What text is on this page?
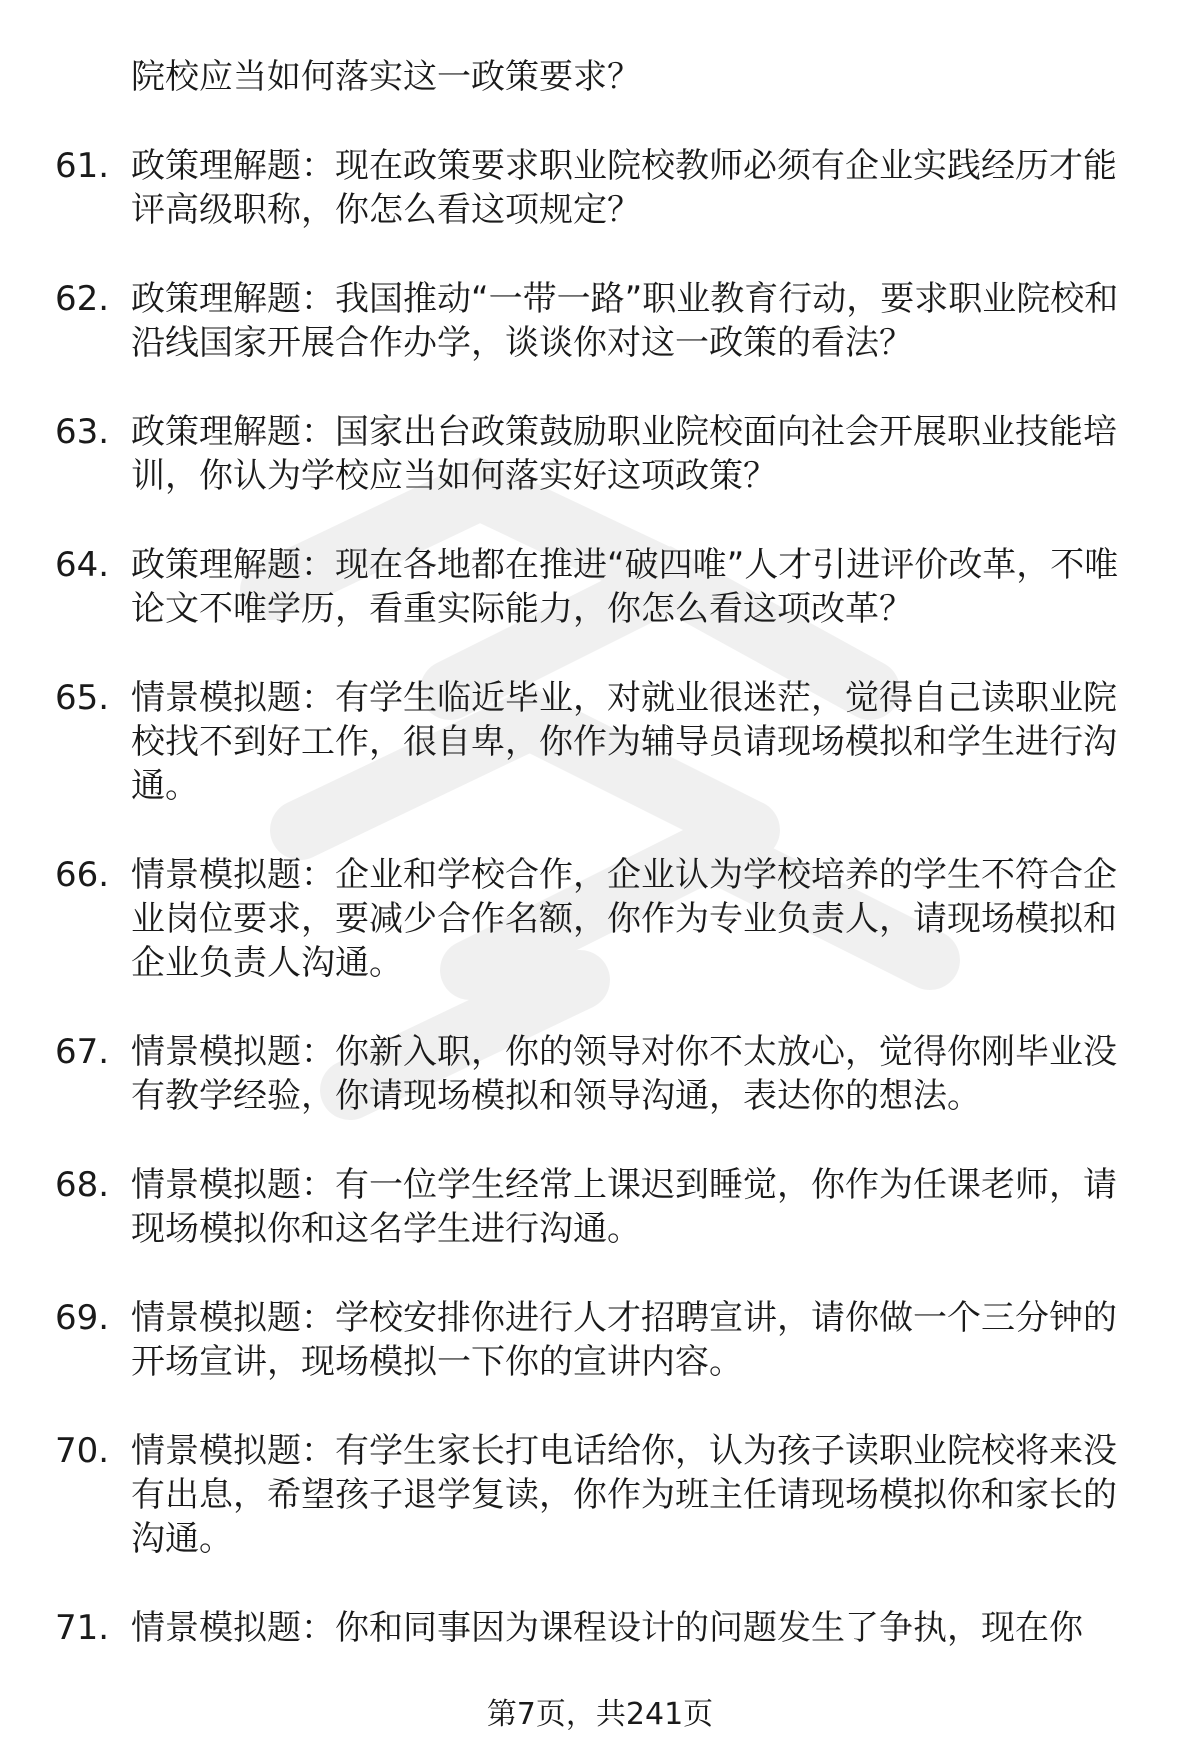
院校应当如何落实这一政策要求？
61. 政策理解题：现在政策要求职业院校教师必须有企业实践经历才能评高级职称，你怎么看这项规定？
62. 政策理解题：我国推动“一带一路”职业教育行动，要求职业院校和沿线国家开展合作办学，谈谈你对这一政策的看法？
63. 政策理解题：国家出台政策鼓励职业院校面向社会开展职业技能培训，你认为学校应当如何落实好这项政策？
64. 政策理解题：现在各地都在推进“破四唯”人才引进评价改革，不唯论文不唯学历，看重实际能力，你怎么看这项改革？
65. 情景模拟题：有学生临近毕业，对就业很迷茫，觉得自己读职业院校找不到好工作，很自卑，你作为辅导员请现场模拟和学生进行沟通。
66. 情景模拟题：企业和学校合作，企业认为学校培养的学生不符合企业岗位要求，要减少合作名额，你作为专业负责人，请现场模拟和企业负责人沟通。
67. 情景模拟题：你新入职，你的领导对你不太放心，觉得你刚毕业没有教学经验，你请现场模拟和领导沟通，表达你的想法。
68. 情景模拟题：有一位学生经常上课迟到睡觉，你作为任课老师，请现场模拟你和这名学生进行沟通。
69. 情景模拟题：学校安排你进行人才招聘宣讲，请你做一个三分钟的开场宣讲，现场模拟一下你的宣讲内容。
70. 情景模拟题：有学生家长打电话给你，认为孩子读职业院校将来没有出息，希望孩子退学复读，你作为班主任请现场模拟你和家长的沟通。
71. 情景模拟题：你和同事因为课程设计的问题发生了争执，现在你
第7页，共241页
